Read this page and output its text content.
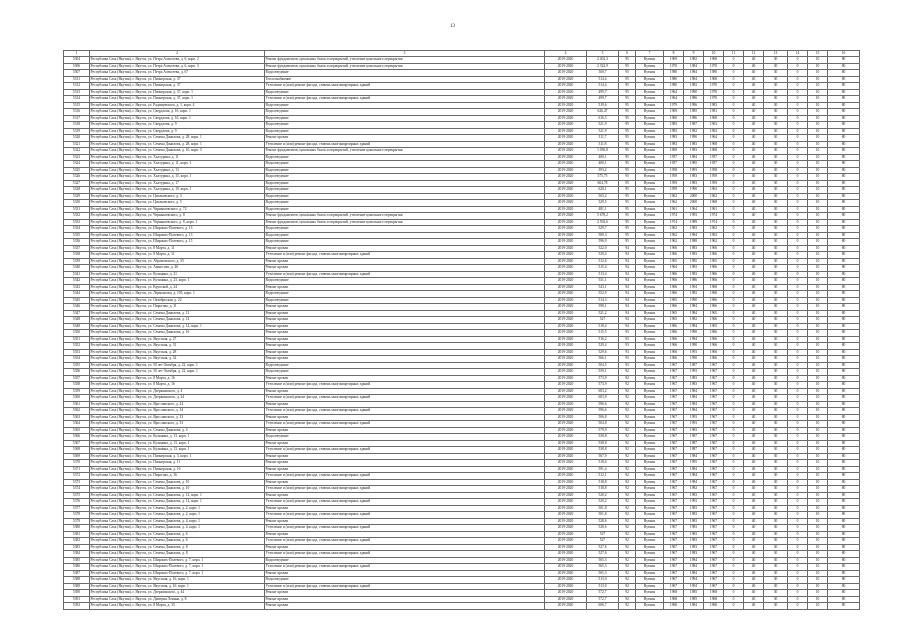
13
1	2	3	4	5	6	7	8	9	10	11	12	13	14	15	16
5304	Республика Саха (Якутия), г. Якутск, ул. Петра Алексеева, д. 6, корп. 2	Ремонт фундаментов, цокольных балок и перекрытий, утепление цокольного перекрытия	2019-2020	2 402,3	95	Вуткин	1969	1982	1968	0	40	30	0	10	80
5306	Республика Саха (Якутия), г. Якутск, ул. Петра Алексеева, д. 6, корп. 3	Ремонт фундаментов, цокольных балок и перекрытий, утепление цокольного перекрытия	2019-2020	2 322,9	95	Вуткин	1970	1984	1970	0	40	30	0	10	80
5307	Республика Саха (Якутия), г. Якутск, ул. Петра Алексеева, д. 67	Водоотведение	2019-2020	560,7	95	Вуткин	1980	1984	1980	0	40	30	0	10	80
5311	Республика Саха (Якутия), г. Якутск, ул. Пионерская, д. 37	Теплоснабжение	2019-2020	514,4	95	Вуткин	1980	1984	1968	0	40	30	0	10	80
5312	Республика Саха (Якутия), г. Якутск, ул. Пионерская, д. 37	Утепление и (или) ремонт фасада, ставень многоквартирных зданий	2019-2020	514,4	95	Вуткин	1980	1983	1970	0	40	30	0	10	80
5313	Республика Саха (Якутия), г. Якутск, ул. Пионерская, д. 37, корп. 1	Водоотведение	2019-2020	499,7	95	Вуткин	1964	1990	1970	0	40	30	0	10	80
5314	Республика Саха (Якутия), г. Якутск, ул. Пионерская, д. 37, корп. 1	Утепление и (или) ремонт фасада, ставень многоквартирных зданий	2019-2020	499,7	95	Вуткин	1964	1986	1970	0	40	30	0	10	80
5315	Республика Саха (Якутия), г. Якутск, ул. Радищевского, д. 1, корп. 4	Водоотведение	2019-2020	519,6	95	Вуткин	1979	1996	1983	0	40	30	0	10	80
5316	Республика Саха (Якутия), г. Якутск, ул. Свердлова, д. 16, корп. 1	Водоотведение	2019-2020	626,47	95	Вуткин	1969	1985	1981	0	40	30	0	10	80
5317	Республика Саха (Якутия), г. Якутск, ул. Свердлова, д. 16, корп. 1	Водоотведение	2019-2020	616,5	95	Вуткин	1960	1986	1968	0	40	30	0	10	80
5318	Республика Саха (Якутия), г. Якутск, ул. Свердлова, д. 9	Водоотведение	2019-2020	521,9	95	Вуткин	1983	1987	1963	0	40	30	0	10	80
5319	Республика Саха (Якутия), г. Якутск, ул. Свердлова, д. 9	Водоотведение	2019-2020	521,9	95	Вуткин	1983	1982	1963	0	40	30	0	10	80
5320	Республика Саха (Якутия), г. Якутск, ул. Семена Данилова, д. 28, корп. 1	Ремонт кровли	2019-2020	311,7	95	Вуткин	1983	1990	1964	0	40	30	0	10	80
5321	Республика Саха (Якутия), г. Якутск, ул. Семена Данилова, д. 28, корп. 1	Утепление и (или) ремонт фасада, ставень многоквартирных зданий	2019-2020	311,8	95	Вуткин	1983	1983	1968	0	40	30	0	10	80
5322	Республика Саха (Якутия), г. Якутск, ул. Семена Данилова, д. 10, корп. 5	Ремонт фундаментов, цокольных балок и перекрытий, утепление цокольного перекрытия	2019-2020	1 050,8	95	Вуткин	1969	1983	1968	0	40	30	0	10	80
5323	Республика Саха (Якутия), г. Якутск, ул. Халтурина, д. 11	Водоотведение	2019-2020	400,1	95	Вуткин	1957	1984	1957	0	40	30	0	10	80
5324	Республика Саха (Якутия), г. Якутск, ул. Халтурина, д. 11, корп. 1	Водоотведение	2019-2020	400,1	95	Вуткин	1957	1985	1957	0	40	30	0	10	80
5325	Республика Саха (Якутия), г. Якутск, ул. Халтурина, д. 13	Водоотведение	2019-2020	393,2	95	Вуткин	1958	1993	1958	0	40	30	0	10	80
5326	Республика Саха (Якутия), г. Якутск, ул. Халтурина, д. 15, корп. 1	Водоотведение	2019-2020	575,75	95	Вуткин	1959	1983	1959	0	40	30	0	10	80
5327	Республика Саха (Якутия), г. Якутск, ул. Халтурина, д. 17	Водоотведение	2019-2020	604,78	95	Вуткин	1959	1983	1959	0	40	30	0	10	80
5328	Республика Саха (Якутия), г. Якутск, ул. Халтурина, д. 19, корп. 1	Водоотведение	2019-2020	620,1	95	Вуткин	1959	1990	1963	0	40	30	0	10	80
5329	Республика Саха (Якутия), г. Якутск, ул. Циолковского, д. 3	Водоотведение	2019-2020	503,2	95	Вуткин	1962	2000	1962	0	40	30	0	10	80
5330	Республика Саха (Якутия), г. Якутск, ул. Циолковского, д. 5	Водоотведение	2019-2020	529,5	95	Вуткин	1962	2000	1968	0	40	30	0	10	80
5331	Республика Саха (Якутия), г. Якутск, ул. Чернышевского, д. 72	Водоотведение	2019-2020	481,1	95	Вуткин	1961	1964	1961	0	40	30	0	10	80
5332	Республика Саха (Якутия), г. Якутск, ул. Чернышевского, д. 8	Ремонт фундаментов, цокольных балок и перекрытий, утепление цокольного перекрытия	2019-2020	5 678,2	95	Вуткин	1974	1993	1974	0	40	30	0	10	80
5333	Республика Саха (Якутия), г. Якутск, ул. Чернышевского, д. 8, корп. 1	Ремонт фундаментов, цокольных балок и перекрытий, утепление цокольного перекрытия	2019-2020	2 592,6	95	Вуткин	1974	1989	1974	0	40	30	0	10	80
5334	Республика Саха (Якутия), г. Якутск, ул. Широких-Полевого, д. 13	Водоотведение	2019-2020	529,7	95	Вуткин	1962	1983	1962	0	40	30	0	10	80
5335	Республика Саха (Якутия), г. Якутск, ул. Широких-Полевого, д. 13	Водоотведение	2019-2020	580,3	95	Вуткин	1962	1984	1963	0	40	30	0	10	80
5336	Республика Саха (Якутия), г. Якутск, ул. Широких-Полевого, д. 15	Водоотведение	2019-2020	596,9	95	Вуткин	1962	1988	1962	0	40	30	0	10	80
5337	Республика Саха (Якутия), г. Якутск, ул. 8 Марта, д. 11	Ремонт кровли	2019-2020	522,0	94	Вуткин	1966	1983	1966	0	40	30	0	10	80
5338	Республика Саха (Якутия), г. Якутск, ул. 8 Марта, д. 11	Утепление и (или) ремонт фасада, ставень многоквартирных зданий	2019-2020	529,4	94	Вуткин	1966	1983	1966	0	40	30	0	10	80
5339	Республика Саха (Якутия), г. Якутск, ул. Абрамовского, д. 35	Ремонт кровли	2019-2020	512,6	94	Вуткин	1965	1985	1965	0	40	30	0	10	80
5340	Республика Саха (Якутия), г. Якутск, ул. Аммосова, д. 46	Ремонт кровли	2019-2020	515,4	94	Вуткин	1964	1983	1966	0	40	30	0	10	80
5341	Республика Саха (Якутия), г. Якутск, ул. Кузьмина, д. 21	Утепление и (или) ремонт фасада, ставень многоквартирных зданий	2019-2020	513,4	94	Вуткин	1966	1983	1966	0	40	30	0	10	80
5342	Республика Саха (Якутия), г. Якутск, ул. Кузьмина, д. 23, корп. 1	Водоотведение	2019-2020	531,1	94	Вуткин	1966	1986	1966	0	40	30	0	10	80
5343	Республика Саха (Якутия), г. Якутск, ул. Крупской, д. 24	Ремонт кровли	2019-2020	543,1	94	Вуткин	1966	1994	1968	0	40	30	0	10	80
5344	Республика Саха (Якутия), г. Якутск, ул. Лермонтова, д. 105, корп. 1	Водоотведение	2019-2020	552,9	94	Вуткин	1966	1983	1968	0	40	30	0	10	80
5345	Республика Саха (Якутия), г. Якутск, ул. Октябрьская, д. 22	Водоотведение	2019-2020	514,3	94	Вуткин	1965	1990	1966	0	40	30	0	10	80
5346	Республика Саха (Якутия), г. Якутск, ул. Пирогова, д. 11	Ремонт кровли	2019-2020	598,1	94	Вуткин	1966	1984	1966	0	40	30	0	10	80
5347	Республика Саха (Якутия), г. Якутск, ул. Семена Данилова, д. 12	Ремонт кровли	2019-2020	521,2	94	Вуткин	1965	1984	1965	0	40	30	0	10	80
5348	Республика Саха (Якутия), г. Якутск, ул. Семена Данилова, д. 14	Ремонт кровли	2019-2020	527	94	Вуткин	1965	1982	1966	0	40	30	0	10	80
5349	Республика Саха (Якутия), г. Якутск, ул. Семена Данилова, д. 14, корп. 1	Ремонт кровли	2019-2020	518,4	94	Вуткин	1966	1984	1965	0	40	30	0	10	80
5350	Республика Саха (Якутия), г. Якутск, ул. Семена Данилова, д. 16	Ремонт кровли	2019-2020	515,5	93	Вуткин	1966	1990	1966	0	40	30	0	10	80
5351	Республика Саха (Якутия), г. Якутск, ул. Якутская, д. 27	Ремонт кровли	2019-2020	516,2	93	Вуткин	1966	1984	1966	0	40	30	0	10	80
5352	Республика Саха (Якутия), г. Якутск, ул. Якутская, д. 31	Ремонт кровли	2019-2020	529,4	93	Вуткин	1966	1990	1966	0	40	30	0	10	80
5353	Республика Саха (Якутия), г. Якутск, ул. Якутская, д. 28	Ремонт кровли	2019-2020	529,6	93	Вуткин	1966	1993	1966	0	40	30	0	10	80
5354	Республика Саха (Якутия), г. Якутск, ул. Якутская, д. 32	Ремонт кровли	2019-2020	566,1	93	Вуткин	1966	1990	1966	0	40	30	0	10	80
5355	Республика Саха (Якутия), г. Якутск, ул. 50 лет Октября, д. 22, корп. 1	Водоотведение	2019-2020	504,5	93	Вуткин	1967	1987	1967	0	40	30	0	10	80
5356	Республика Саха (Якутия), г. Якутск, ул. 50 лет Октября, д. 22, корп. 1	Водоотведение	2019-2020	559,1	92	Вуткин	1967	1993	1967	0	40	30	0	10	80
5357	Республика Саха (Якутия), г. Якутск, ул. 8 Марта, д. 16	Ремонт кровли	2019-2020	573,9	92	Вуткин	1967	1983	1967	0	40	30	0	10	80
5358	Республика Саха (Якутия), г. Якутск, ул. 8 Марта, д. 16	Утепление и (или) ремонт фасада, ставень многоквартирных зданий	2019-2020	573,9	92	Вуткин	1967	1983	1967	0	40	30	0	10	80
5359	Республика Саха (Якутия), г. Якутск, ул. Дзержинского, д. 4	Ремонт кровли	2019-2020	603,2	92	Вуткин	1967	1984	1967	0	40	30	0	10	80
5360	Республика Саха (Якутия), г. Якутск, ул. Дзержинского, д. 24	Утепление и (или) ремонт фасада, ставень многоквартирных зданий	2019-2020	603,9	92	Вуткин	1967	1984	1967	0	40	30	0	10	80
5361	Республика Саха (Якутия), г. Якутск, ул. Ярославского, д. 24	Ремонт кровли	2019-2020	596,6	92	Вуткин	1967	1984	1967	0	40	30	0	10	80
5362	Республика Саха (Якутия), г. Якутск, ул. Ярославского, д. 34	Утепление и (или) ремонт фасада, ставень многоквартирных зданий	2019-2020	596,6	92	Вуткин	1967	1984	1967	0	40	30	0	10	80
5363	Республика Саха (Якутия), г. Якутск, ул. Ярославского, д. 33	Ремонт кровли	2019-2020	506,8	92	Вуткин	1967	1993	1967	0	40	30	0	10	80
5364	Республика Саха (Якутия), г. Якутск, ул. Ярославского, д. 33	Утепление и (или) ремонт фасада, ставень многоквартирных зданий	2019-2020	504,8	92	Вуткин	1967	1993	1967	0	40	30	0	10	80
5365	Республика Саха (Якутия), г. Якутск, ул. Семена Данилова, д. 4	Ремонт кровли	2019-2020	579,9	92	Вуткин	1967	1983	1967	0	40	30	0	10	80
5366	Республика Саха (Якутия), г. Якутск, ул. Кузьмина, д. 13, корп. 1	Водоотведение	2019-2020	538,8	92	Вуткин	1967	1987	1967	0	40	30	0	10	80
5367	Республика Саха (Якутия), г. Якутск, ул. Кузьмина, д. 13, корп. 1	Ремонт кровли	2019-2020	538,8	92	Вуткин	1967	1987	1967	0	40	30	0	10	80
5368	Республика Саха (Якутия), г. Якутск, ул. Кузьмина, д. 13, корп. 1	Утепление и (или) ремонт фасада, ставень многоквартирных зданий	2019-2020	538,8	92	Вуткин	1967	1987	1967	0	40	30	0	10	80
5369	Республика Саха (Якутия), г. Якутск, ул. Пионерская, д. 3, корп. 1	Ремонт кровли	2019-2020	567,9	92	Вуткин	1967	1984	1967	0	40	30	0	10	80
5370	Республика Саха (Якутия), г. Якутск, ул. Пионерская, д. 11	Ремонт кровли	2019-2020	518,6	92	Вуткин	1967	1995	1967	0	40	30	0	10	80
5371	Республика Саха (Якутия), г. Якутск, ул. Пионерская, д. 16	Ремонт кровли	2019-2020	591,4	92	Вуткин	1967	1984	1967	0	40	30	0	10	80
5372	Республика Саха (Якутия), г. Якутск, ул. Пирогова, д. 16	Утепление и (или) ремонт фасада, ставень многоквартирных зданий	2019-2020	512,1	92	Вуткин	1967	1984	1967	0	40	30	0	10	80
5373	Республика Саха (Якутия), г. Якутск, ул. Семена Данилова, д. 10	Ремонт кровли	2019-2020	518,8	92	Вуткин	1967	1984	1967	0	40	30	0	10	80
5374	Республика Саха (Якутия), г. Якутск, ул. Семена Данилова, д. 10	Утепление и (или) ремонт фасада, ставень многоквартирных зданий	2019-2020	518,8	92	Вуткин	1967	1982	1967	0	40	30	0	10	80
5375	Республика Саха (Якутия), г. Якутск, ул. Семена Данилова, д. 12, корп. 1	Ремонт кровли	2019-2020	520,2	92	Вуткин	1967	1983	1967	0	40	30	0	10	80
5376	Республика Саха (Якутия), г. Якутск, ул. Семена Данилова, д. 12, корп. 1	Утепление и (или) ремонт фасада, ставень многоквартирных зданий	2019-2020	520,2	92	Вуткин	1967	1993	1967	0	40	30	0	10	80
5377	Республика Саха (Якутия), г. Якутск, ул. Семена Данилова, д. 2, корп. 1	Ремонт кровли	2019-2020	501,8	92	Вуткин	1967	1983	1967	0	40	30	0	10	80
5378	Республика Саха (Якутия), г. Якутск, ул. Семена Данилова, д. 2, корп. 1	Утепление и (или) ремонт фасада, ставень многоквартирных зданий	2019-2020	501,8	92	Вуткин	1967	1983	1967	0	40	30	0	10	80
5379	Республика Саха (Якутия), г. Якутск, ул. Семена Данилова, д. 4, корп. 1	Ремонт кровли	2019-2020	528,6	92	Вуткин	1967	1983	1967	0	40	30	0	10	80
5380	Республика Саха (Якутия), г. Якутск, ул. Семена Данилова, д. 4, корп. 1	Утепление и (или) ремонт фасада, ставень многоквартирных зданий	2019-2020	528,6	92	Вуткин	1967	1983	1967	0	40	30	0	10	80
5381	Республика Саха (Якутия), г. Якутск, ул. Семена Данилова, д. 6	Ремонт кровли	2019-2020	527	92	Вуткин	1967	1983	1967	0	40	30	0	10	80
5382	Республика Саха (Якутия), г. Якутск, ул. Семена Данилова, д. 6	Утепление и (или) ремонт фасада, ставень многоквартирных зданий	2019-2020	527	92	Вуткин	1967	1983	1967	0	40	30	0	10	80
5383	Республика Саха (Якутия), г. Якутск, ул. Семена Данилова, д. 8	Ремонт кровли	2019-2020	527,6	92	Вуткин	1967	1983	1967	0	40	30	0	10	80
5384	Республика Саха (Якутия), г. Якутск, ул. Семена Данилова, д. 8	Утепление и (или) ремонт фасада, ставень многоквартирных зданий	2019-2020	527,6	92	Вуткин	1967	1983	1967	0	40	30	0	10	80
5385	Республика Саха (Якутия), г. Якутск, ул. Широких-Полевого, д. 7, корп. 1	Водоотведение	2019-2020	565,3	92	Вуткин	1967	1984	1967	0	40	30	0	10	80
5386	Республика Саха (Якутия), г. Якутск, ул. Широких-Полевого, д. 7, корп. 1	Утепление и (или) ремонт фасада, ставень многоквартирных зданий	2019-2020	565,3	92	Вуткин	1967	1984	1967	0	40	30	0	10	80
5387	Республика Саха (Якутия), г. Якутск, ул. Широких-Полевого, д. 7, корп. 1	Ремонт кровли	2019-2020	565,3	92	Вуткин	1967	1984	1967	0	40	30	0	10	80
5388	Республика Саха (Якутия), г. Якутск, ул. Якутская, д. 16, корп. 1	Водоотведение	2019-2020	513,0	92	Вуткин	1967	1994	1967	0	40	30	0	10	80
5389	Республика Саха (Якутия), г. Якутск, ул. Якутская, д. 16, корп. 1	Утепление и (или) ремонт фасада, ставень многоквартирных зданий	2019-2020	513,0	92	Вуткин	1967	1994	1967	0	40	30	0	10	80
5390	Республика Саха (Якутия), г. Якутск, ул. Дзержинского, д. 44	Ремонт кровли	2019-2020	572,7	92	Вуткин	1968	1985	1968	0	40	30	0	10	80
5391	Республика Саха (Якутия), г. Якутск, ул. Дмитрия Ленина, д. 8	Ремонт кровли	2019-2020	572,7	92	Вуткин	1968	1985	1968	0	40	30	0	10	80
5392	Республика Саха (Якутия), г. Якутск, ул. 8 Марта, д. 33	Ремонт кровли	2019-2020	606,7	92	Вуткин	1968	1984	1968	0	40	30	0	10	80
